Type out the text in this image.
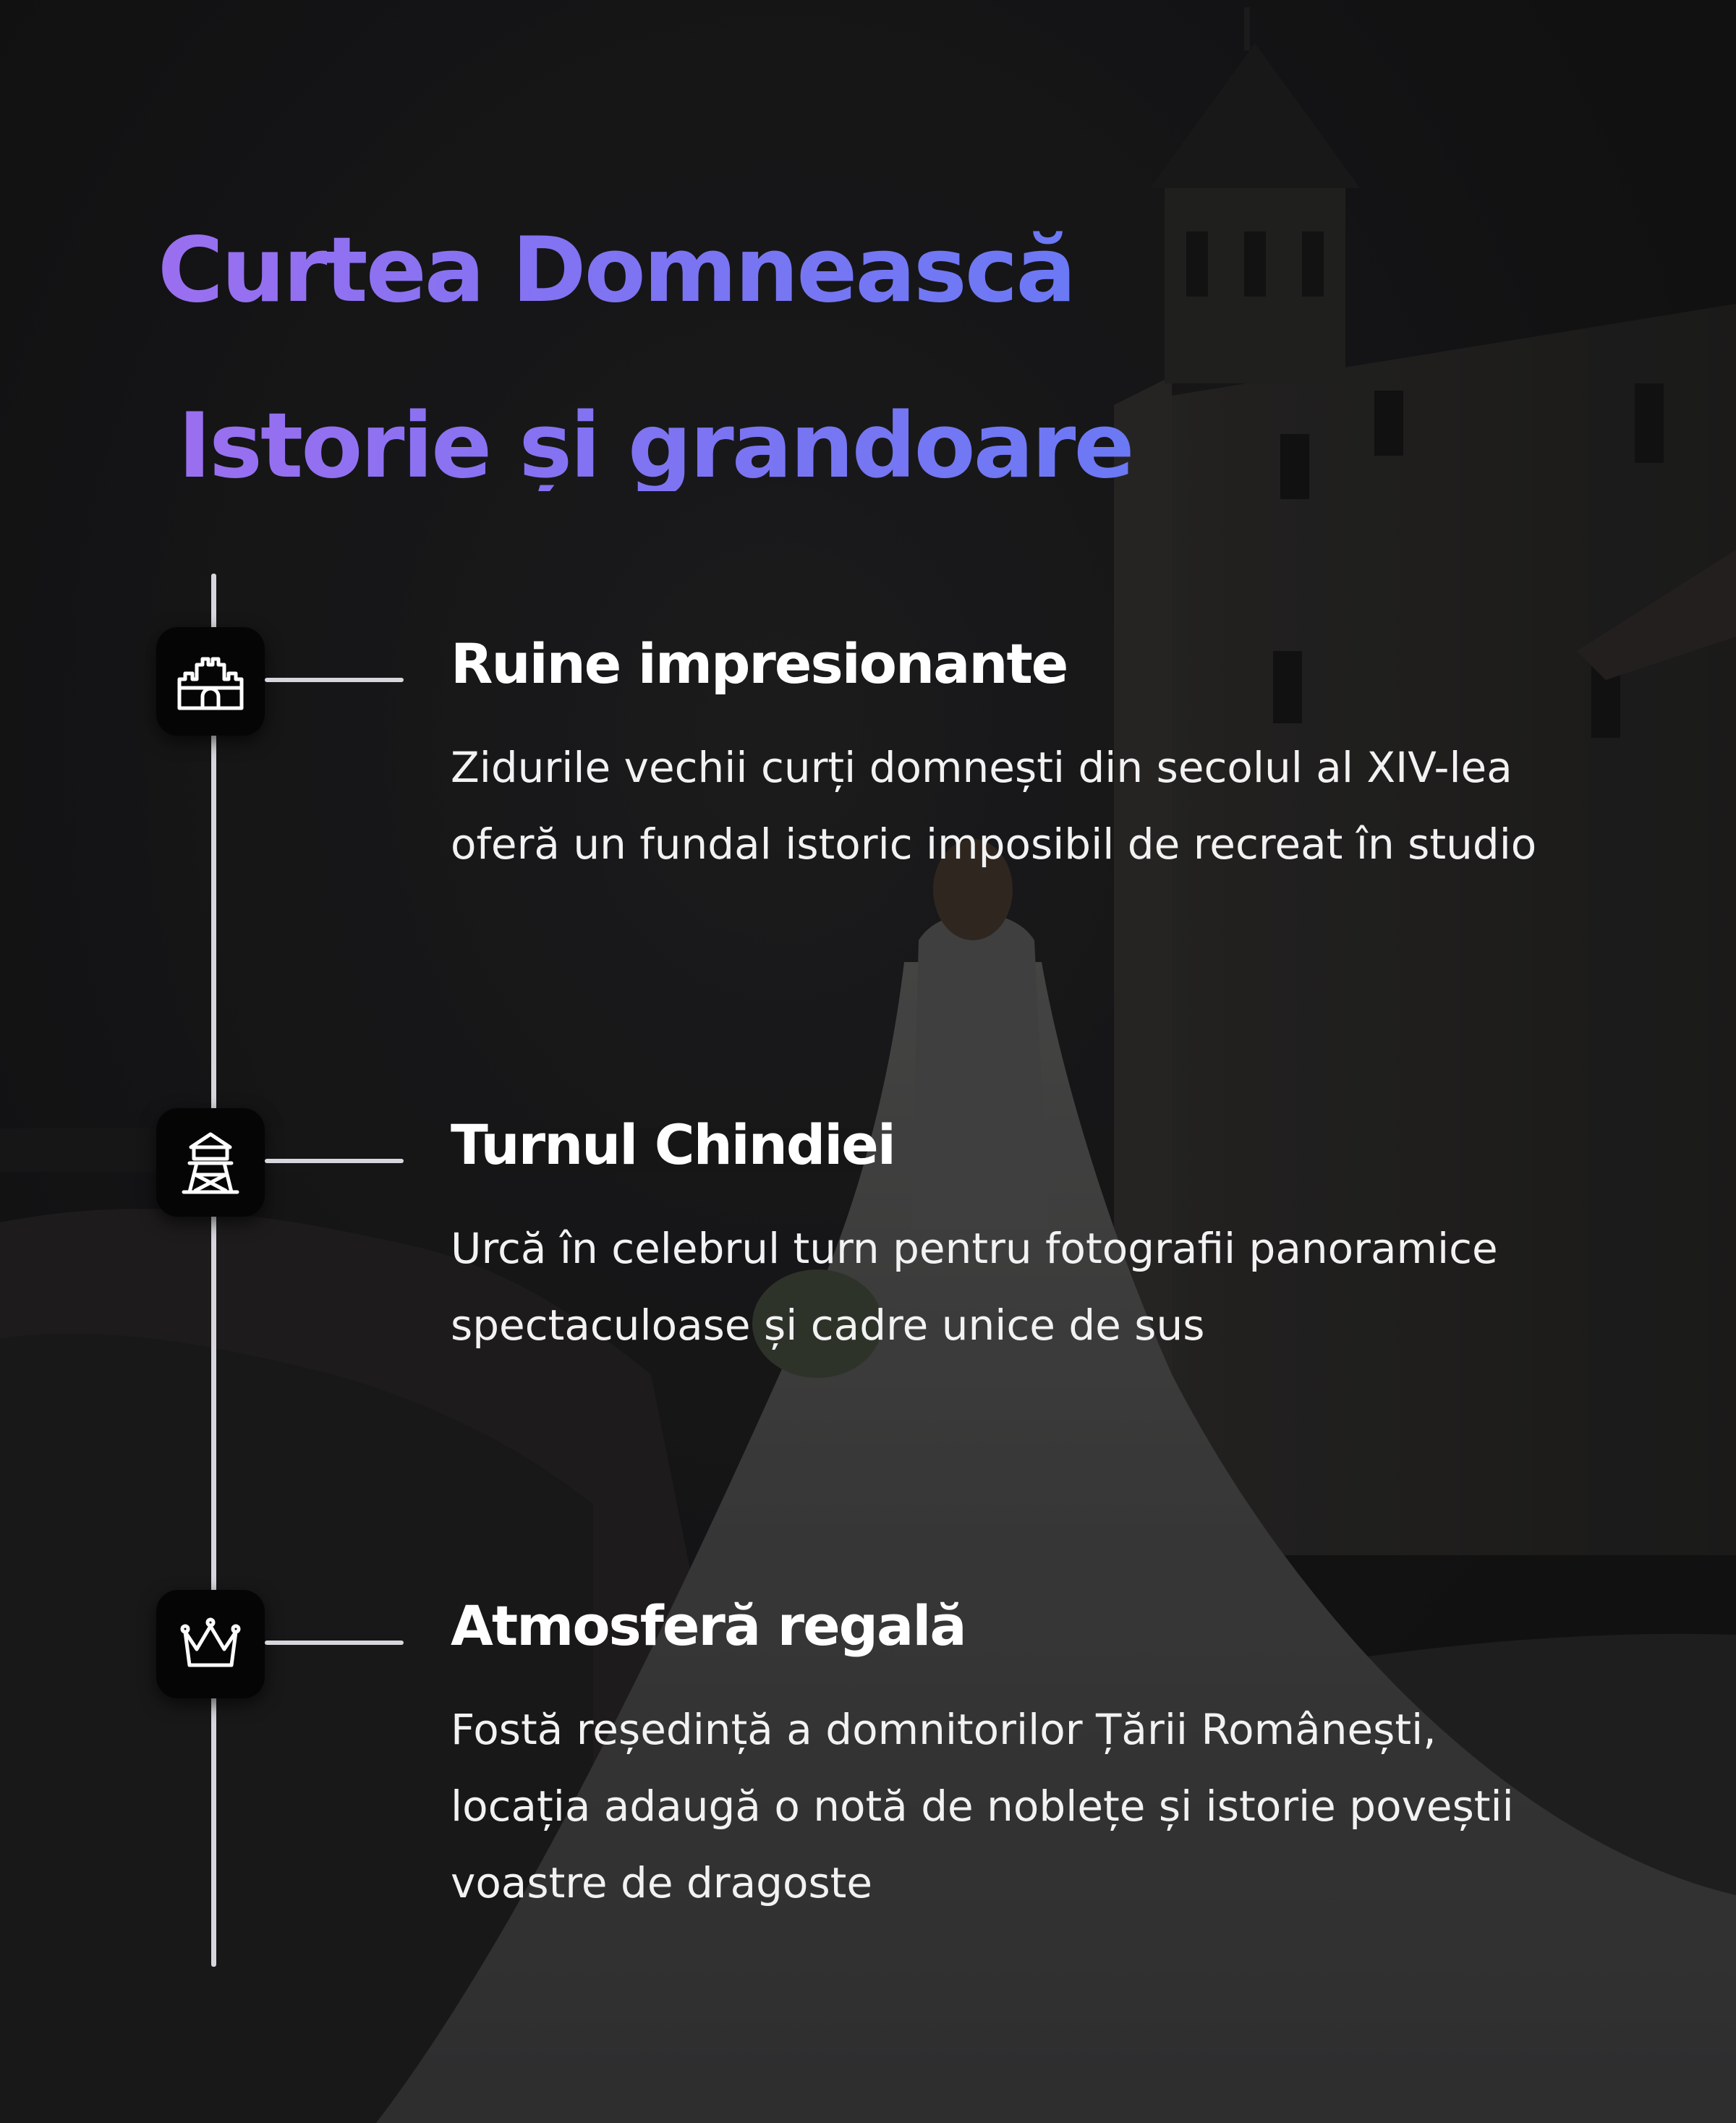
Curtea Domnească
Istorie și grandoare
Ruine impresionante

Zidurile vechii curți domnești din secolul al XIV-lea oferă un fundal istoric imposibil de recreat în studio

Turnul Chindiei

Urcă în celebrul turn pentru fotografii panoramice spectaculoase și cadre unice de sus

Atmosferă regală

Fostă reședință a domnitorilor Țării Românești, locația adaugă o notă de noblețe și istorie poveștii voastre de dragoste
